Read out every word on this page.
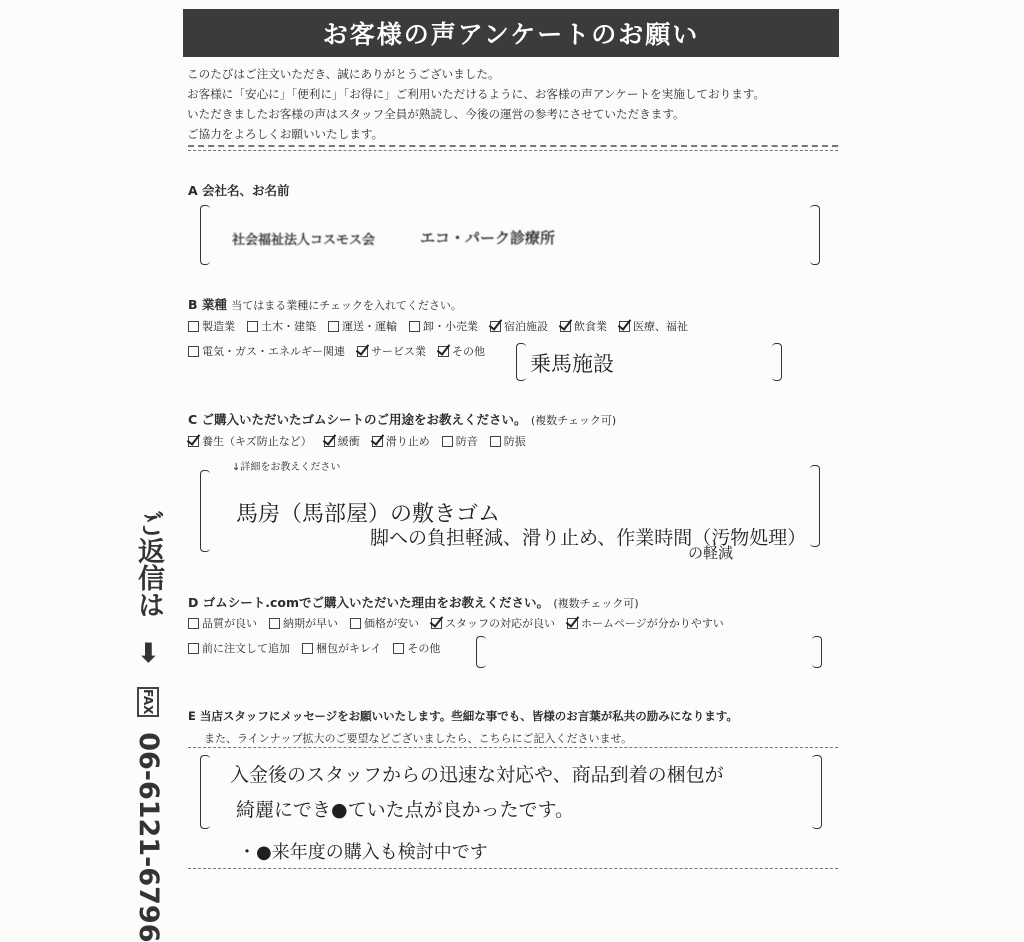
お客様の声アンケートのお願い
このたびはご注文いただき、誠にありがとうございました。
お客様に「安心に」「便利に」「お得に」ご利用いただけるように、お客様の声アンケートを実施しております。
いただきましたお客様の声はスタッフ全員が熟読し、今後の運営の参考にさせていただきます。
ご協力をよろしくお願いいたします。
A 会社名、お名前
社会福祉法人コスモス会	エコ・パーク診療所
B 業種 当てはまる業種にチェックを入れてください。
製造業 土木・建築 運送・運輸 卸・小売業 宿泊施設 飲食業 医療、福祉
電気・ガス・エネルギー関連 サービス業 その他
乗馬施設
C ご購入いただいたゴムシートのご用途をお教えください。 (複数チェック可)
養生（キズ防止など） 緩衝 滑り止め 防音 防振
↓詳細をお教えください
馬房（馬部屋）の敷きゴム
脚への負担軽減、滑り止め、作業時間（汚物処理）
の軽減
D ゴムシート.comでご購入いただいた理由をお教えください。 (複数チェック可)
品質が良い 納期が早い 価格が安い スタッフの対応が良い ホームページが分かりやすい
前に注文して追加 梱包がキレイ その他
E 当店スタッフにメッセージをお願いいたします。些細な事でも、皆様のお言葉が私共の励みになります。
また、ラインナップ拡大のご要望などございましたら、こちらにご記入くださいませ。
入金後のスタッフからの迅速な対応や、商品到着の梱包が
綺麗にでき●ていた点が良かったです。
・●来年度の購入も検討中です
ご返信は ➡ FAX 06-6121-6796
